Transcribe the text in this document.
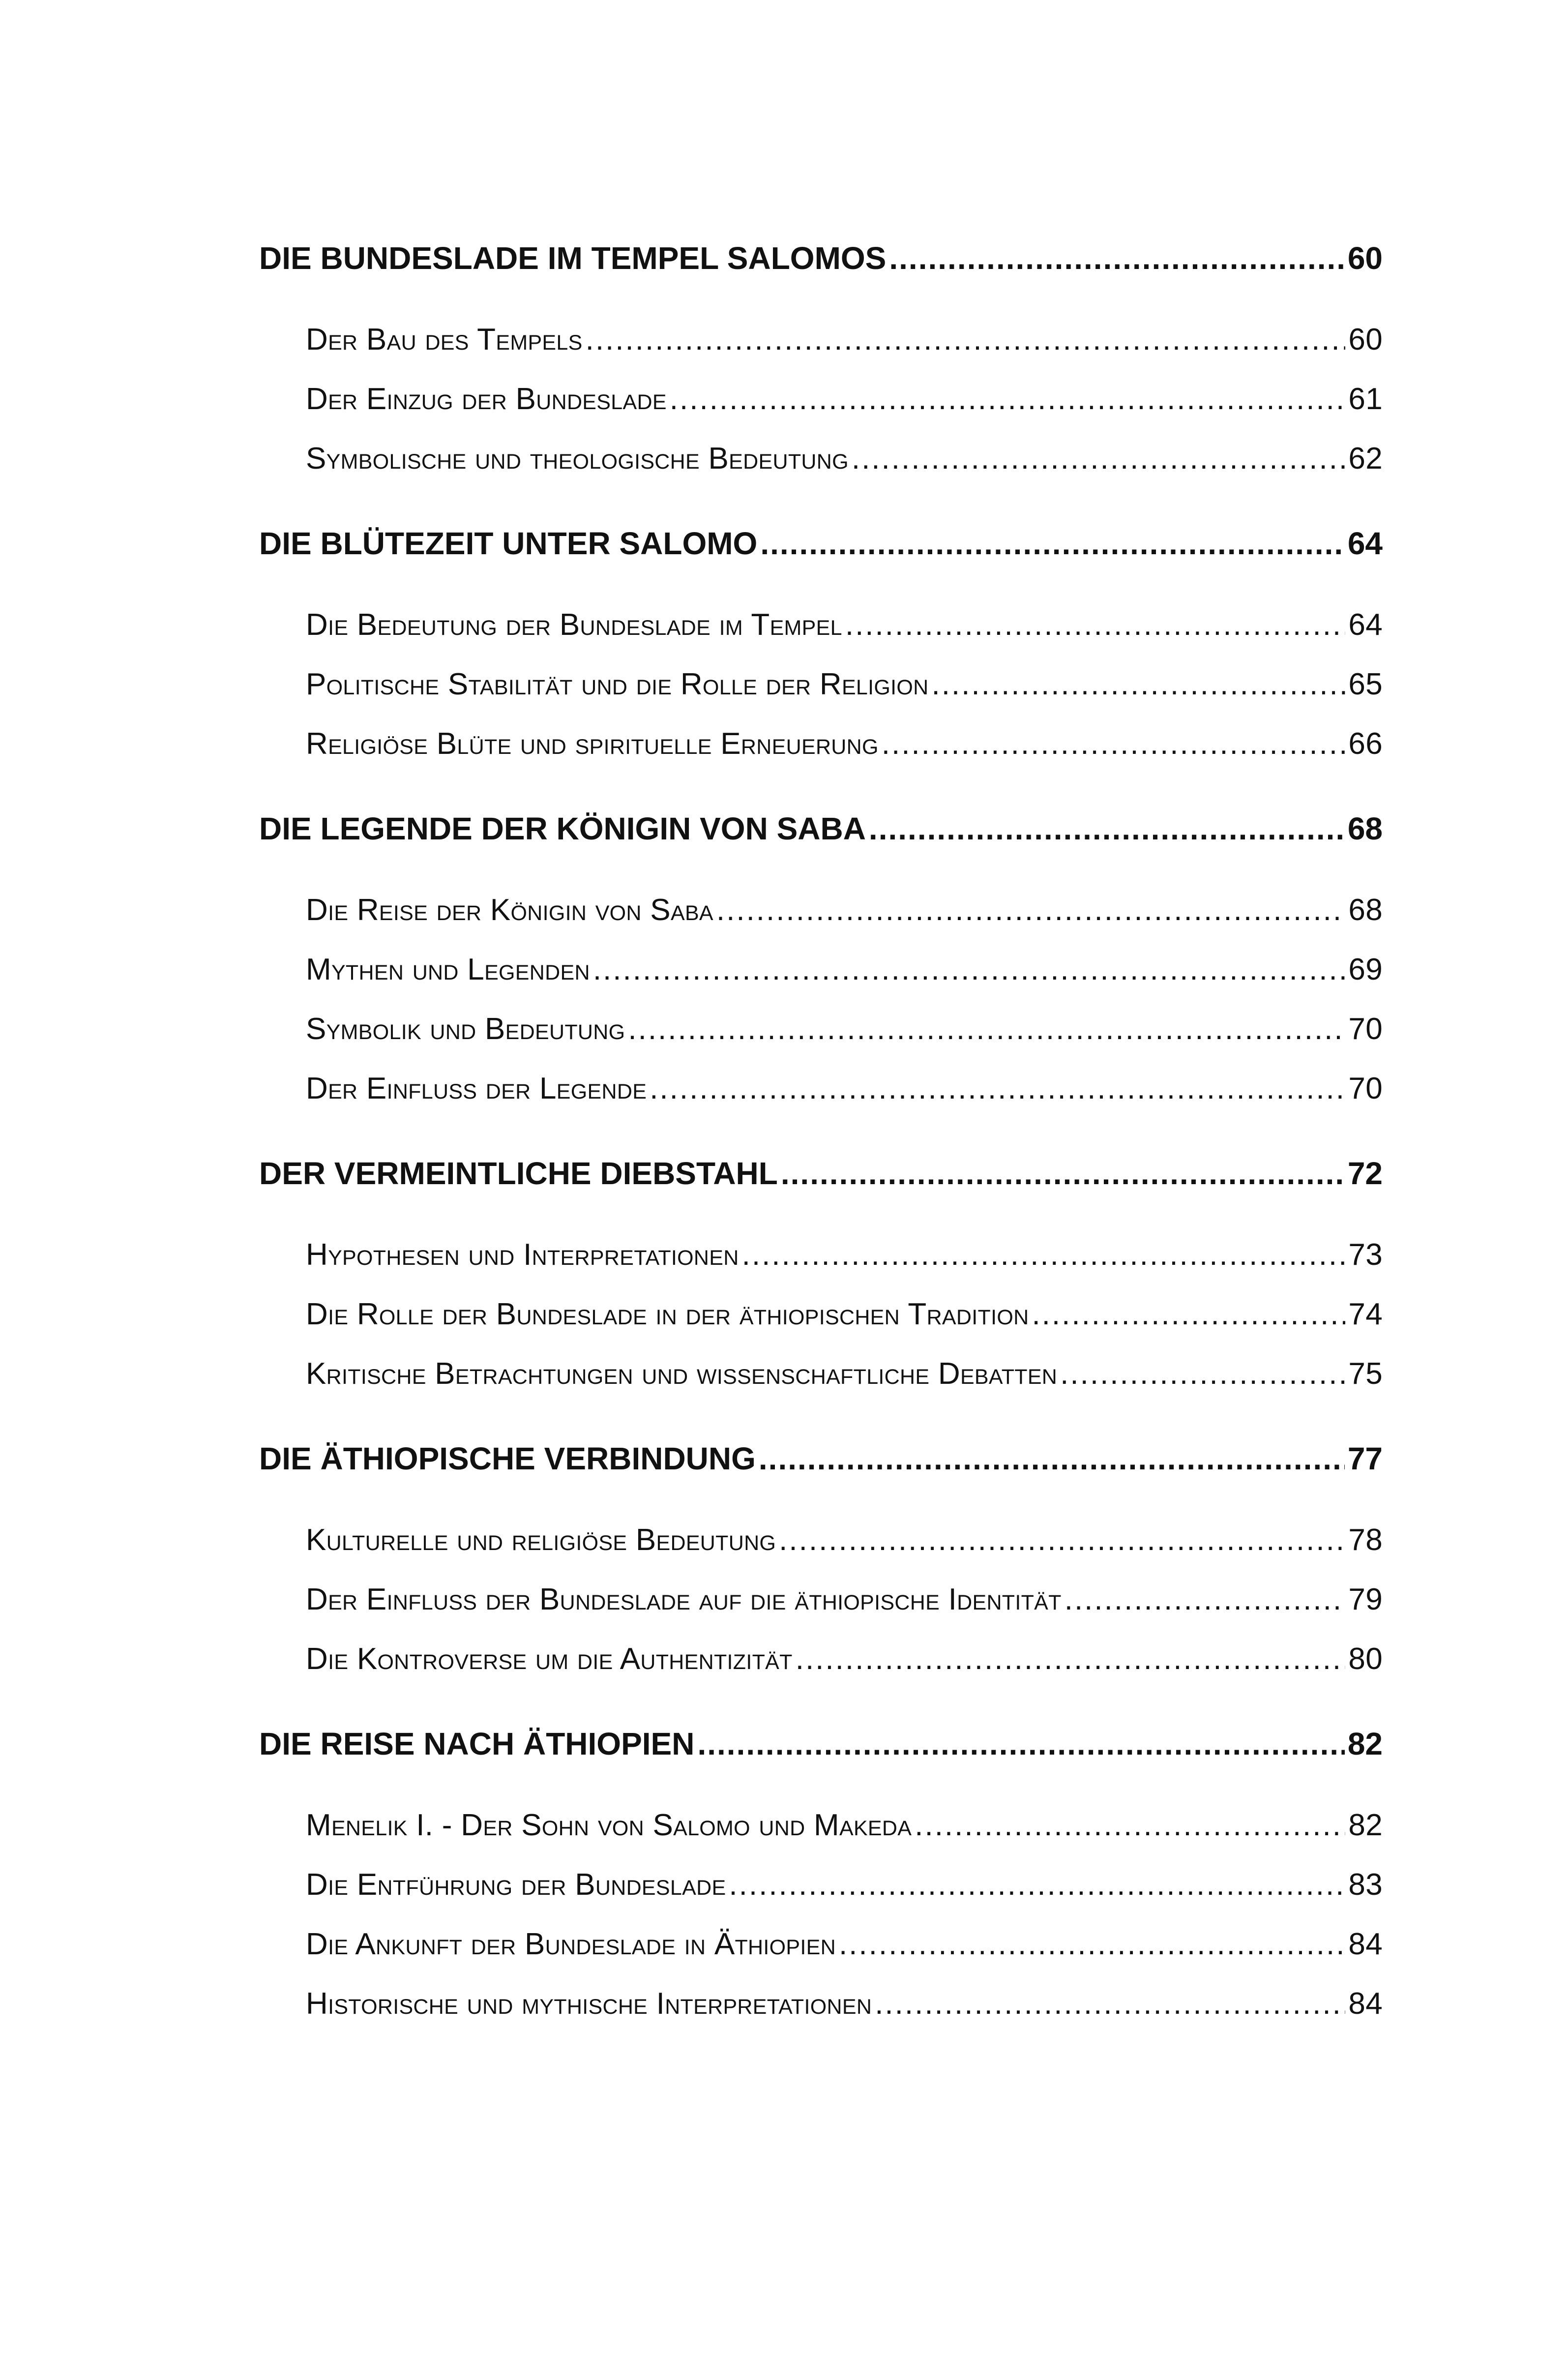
DIE BUNDESLADE IM TEMPEL SALOMOS .....	60
Der Bau des Tempels .....	60
Der Einzug der Bundeslade .....	61
Symbolische und theologische Bedeutung .....	62
DIE BLÜTEZEIT UNTER SALOMO .....	64
Die Bedeutung der Bundeslade im Tempel .....	64
Politische Stabilität und die Rolle der Religion .....	65
Religiöse Blüte und spirituelle Erneuerung .....	66
DIE LEGENDE DER KÖNIGIN VON SABA .....	68
Die Reise der Königin von Saba .....	68
Mythen und Legenden .....	69
Symbolik und Bedeutung .....	70
Der Einfluss der Legende .....	70
DER VERMEINTLICHE DIEBSTAHL .....	72
Hypothesen und Interpretationen .....	73
Die Rolle der Bundeslade in der äthiopischen Tradition .....	74
Kritische Betrachtungen und wissenschaftliche Debatten .....	75
DIE ÄTHIOPISCHE VERBINDUNG .....	77
Kulturelle und religiöse Bedeutung .....	78
Der Einfluss der Bundeslade auf die äthiopische Identität .....	79
Die Kontroverse um die Authentizität .....	80
DIE REISE NACH ÄTHIOPIEN .....	82
Menelik I. - Der Sohn von Salomo und Makeda .....	82
Die Entführung der Bundeslade .....	83
Die Ankunft der Bundeslade in Äthiopien .....	84
Historische und mythische Interpretationen .....	84
